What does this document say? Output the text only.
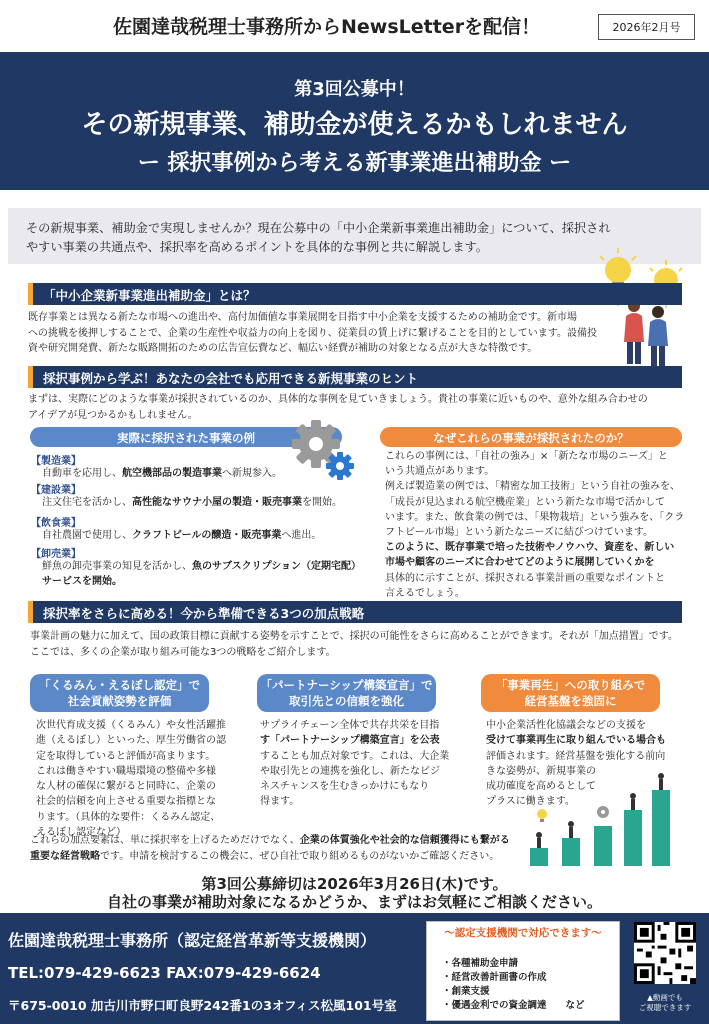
佐園達哉税理士事務所からNewsLetterを配信！	2026年2月号
第3回公募中！
その新規事業、補助金が使えるかもしれません
ー 採択事例から考える新事業進出補助金 ー
その新規事業、補助金で実現しませんか？現在公募中の「中小企業新事業進出補助金」について、採択され
やすい事業の共通点や、採択率を高めるポイントを具体的な事例と共に解説します。
「中小企業新事業進出補助金」とは？
既存事業とは異なる新たな市場への進出や、高付加価値な事業展開を目指す中小企業を支援するための補助金です。新市場
への挑戦を後押しすることで、企業の生産性や収益力の向上を図り、従業員の賃上げに繋げることを目的としています。設備投
資や研究開発費、新たな販路開拓のための広告宣伝費など、幅広い経費が補助の対象となる点が大きな特徴です。
採択事例から学ぶ！あなたの会社でも応用できる新規事業のヒント
まずは、実際にどのような事業が採択されているのか、具体的な事例を見ていきましょう。貴社の事業に近いものや、意外な組み合わせの
アイデアが見つかるかもしれません。
実際に採択された事業の例	なぜこれらの事業が採択されたのか？
【製造業】
自動車を応用し、航空機部品の製造事業へ新規参入。
【建設業】
注文住宅を活かし、高性能なサウナ小屋の製造・販売事業を開始。
【飲食業】
自社農園で使用し、クラフトビールの醸造・販売事業へ進出。
【卸売業】
鮮魚の卸売事業の知見を活かし、魚のサブスクリプション（定期宅配）
サービスを開始。
これらの事例には、「自社の強み」×「新たな市場のニーズ」と
いう共通点があります。
例えば製造業の例では、「精密な加工技術」という自社の強みを、
「成長が見込まれる航空機産業」という新たな市場で活かして
います。また、飲食業の例では、「果物栽培」という強みを、「クラ
フトビール市場」という新たなニーズに結びつけています。
このように、既存事業で培った技術やノウハウ、資産を、新しい
市場や顧客のニーズに合わせてどのように展開していくかを
具体的に示すことが、採択される事業計画の重要なポイントと
言えるでしょう。
採択率をさらに高める！今から準備できる3つの加点戦略
事業計画の魅力に加えて、国の政策目標に貢献する姿勢を示すことで、採択の可能性をさらに高めることができます。それが「加点措置」です。
ここでは、多くの企業が取り組み可能な3つの戦略をご紹介します。
「くるみん・えるぼし認定」で
社会貢献姿勢を評価
「パートナーシップ構築宣言」で
取引先との信頼を強化
「事業再生」への取り組みで
経営基盤を強固に
次世代育成支援（くるみん）や女性活躍推
進（えるぼし）といった、厚生労働省の認
定を取得していると評価が高まります。
これは働きやすい職場環境の整備や多様
な人材の確保に繋がると同時に、企業の
社会的信頼を向上させる重要な指標とな
ります。（具体的な要件：くるみん認定、
えるぼし認定など）
サプライチェーン全体で共存共栄を目指
す「パートナーシップ構築宣言」を公表
することも加点対象です。これは、大企業
や取引先との連携を強化し、新たなビジ
ネスチャンスを生むきっかけにもなり
得ます。
中小企業活性化協議会などの支援を
受けて事業再生に取り組んでいる場合も
評価されます。経営基盤を強化する前向
きな姿勢が、新規事業の
成功確度を高めるとして
プラスに働きます。
これらの加点要素は、単に採択率を上げるためだけでなく、企業の体質強化や社会的な信頼獲得にも繋がる
重要な経営戦略です。申請を検討するこの機会に、ぜひ自社で取り組めるものがないかご確認ください。
第3回公募締切は2026年3月26日(木)です。
自社の事業が補助対象になるかどうか、まずはお気軽にご相談ください。
佐園達哉税理士事務所（認定経営革新等支援機関）
TEL:079-429-6623 FAX:079-429-6624
〒675-0010 加古川市野口町良野242番1の3オフィス松風101号室
～認定支援機関で対応できます～
・各種補助金申請
・経営改善計画書の作成
・創業支援
・優遇金利での資金調達　　など
▲動画でも
ご視聴できます
